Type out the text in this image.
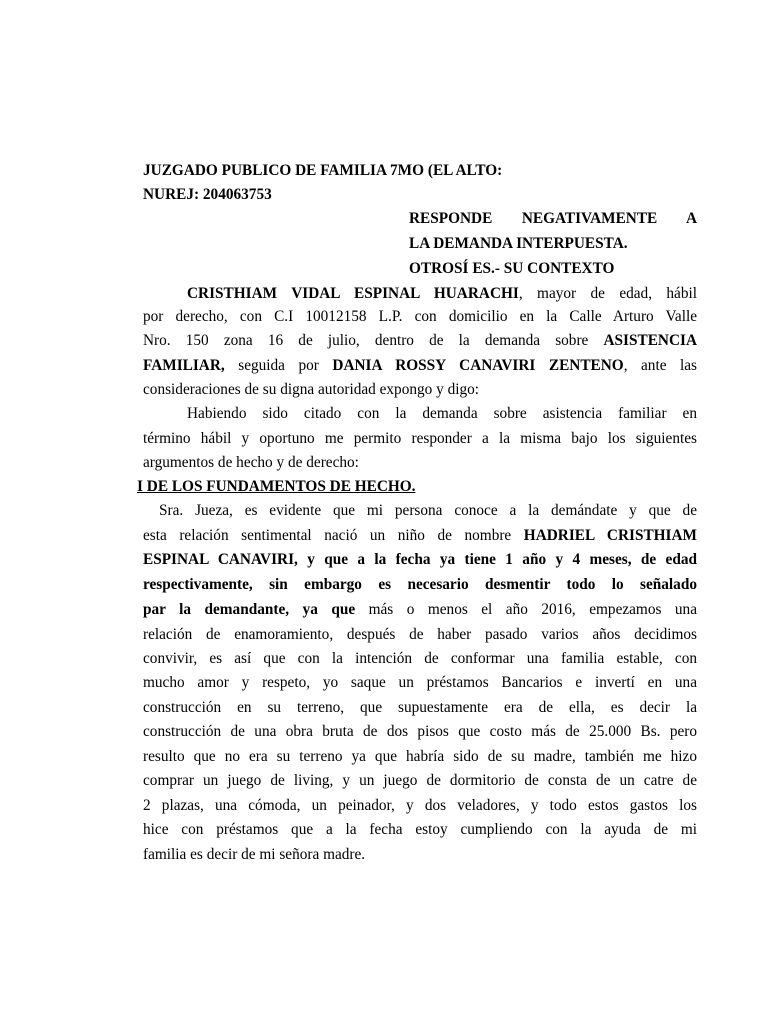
JUZGADO PUBLICO DE FAMILIA 7MO (EL ALTO:
NUREJ: 204063753
RESPONDE NEGATIVAMENTE A
LA DEMANDA INTERPUESTA.
OTROSÍ ES.- SU CONTEXTO
CRISTHIAM VIDAL ESPINAL HUARACHI, mayor de edad, hábil
por derecho, con C.I 10012158 L.P. con domicilio en la Calle Arturo Valle
Nro. 150 zona 16 de julio, dentro de la demanda sobre ASISTENCIA
FAMILIAR, seguida por DANIA ROSSY CANAVIRI ZENTENO, ante las
consideraciones de su digna autoridad expongo y digo:
Habiendo sido citado con la demanda sobre asistencia familiar en
término hábil y oportuno me permito responder a la misma bajo los siguientes
argumentos de hecho y de derecho:
I DE LOS FUNDAMENTOS DE HECHO.
Sra. Jueza, es evidente que mi persona conoce a la demándate y que de
esta relación sentimental nació un niño de nombre HADRIEL CRISTHIAM
ESPINAL CANAVIRI, y que a la fecha ya tiene 1 año y 4 meses, de edad
respectivamente, sin embargo es necesario desmentir todo lo señalado
par la demandante, ya que más o menos el año 2016, empezamos una
relación de enamoramiento, después de haber pasado varios años decidimos
convivir, es así que con la intención de conformar una familia estable, con
mucho amor y respeto, yo saque un préstamos Bancarios e invertí en una
construcción en su terreno, que supuestamente era de ella, es decir la
construcción de una obra bruta de dos pisos que costo más de 25.000 Bs. pero
resulto que no era su terreno ya que habría sido de su madre, también me hizo
comprar un juego de living, y un juego de dormitorio de consta de un catre de
2 plazas, una cómoda, un peinador, y dos veladores, y todo estos gastos los
hice con préstamos que a la fecha estoy cumpliendo con la ayuda de mi
familia es decir de mi señora madre.
